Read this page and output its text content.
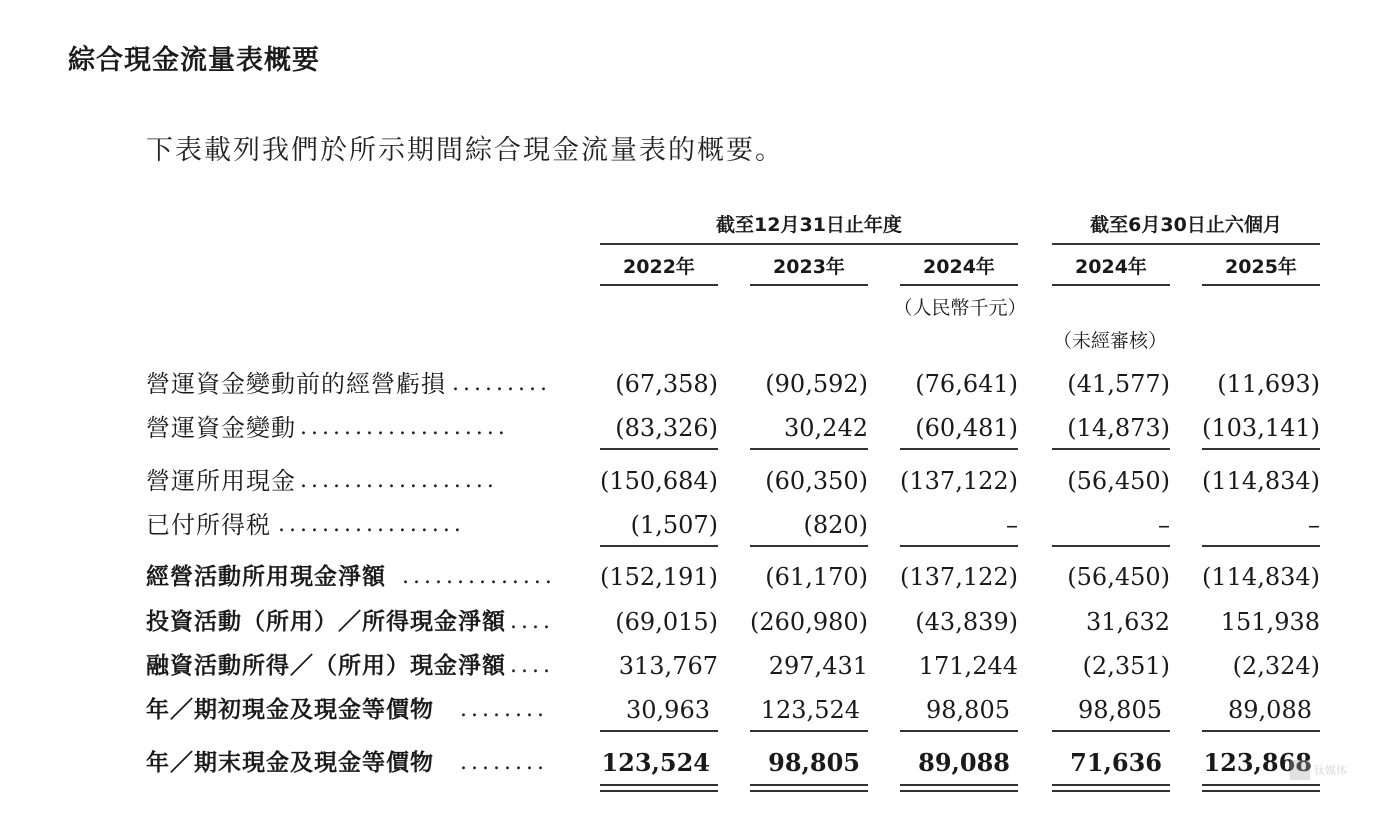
綜合現金流量表概要
下表載列我們於所示期間綜合現金流量表的概要。
截至12月31日止年度	截至6月30日止六個月
2022年	2023年	2024年	2024年	2025年
（人民幣千元）
（未經審核）
營運資金變動前的經營虧損 .........	(67,358)	(90,592)	(76,641)	(41,577)	(11,693)
營運資金變動 ...................	(83,326)	30,242	(60,481)	(14,873) (103,141)
營運所用現金 ..................	(150,684)	(60,350) (137,122)	(56,450) (114,834)
已付所得税 .................	(1,507)	(820)	–	–	–
經營活動所用現金淨額 .............. (152,191)	(61,170) (137,122)	(56,450) (114,834)
投資活動（所用）／所得現金淨額 ....	(69,015) (260,980)	(43,839)	31,632	151,938
融資活動所得／（所用）現金淨額 ....	313,767	297,431	171,244	(2,351)	(2,324)
年／期初現金及現金等價物 ........	30,963	123,524	98,805	98,805	89,088
年／期末現金及現金等價物 ........	123,524	98,805	89,088	71,636	123,868 钛媒体
